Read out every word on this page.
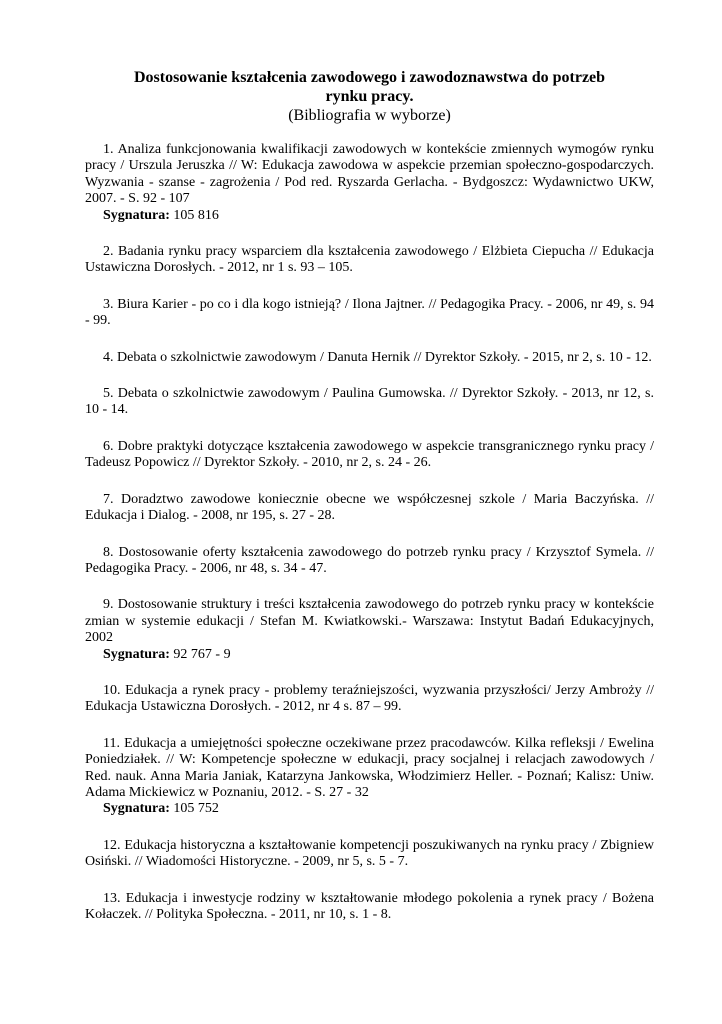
Dostosowanie kształcenia zawodowego i zawodoznawstwa do potrzeb
rynku pracy.

(Bibliografia w wyborze)

1. Analiza funkcjonowania kwalifikacji zawodowych w kontekście zmiennych wymogów rynku pracy / Urszula Jeruszka // W: Edukacja zawodowa w aspekcie przemian społeczno-gospodarczych. Wyzwania - szanse - zagrożenia / Pod red. Ryszarda Gerlacha. - Bydgoszcz: Wydawnictwo UKW, 2007. - S. 92 - 107

Sygnatura: 105 816

2. Badania rynku pracy wsparciem dla kształcenia zawodowego / Elżbieta Ciepucha // Edukacja Ustawiczna Dorosłych. - 2012, nr 1 s. 93 – 105.

3. Biura Karier - po co i dla kogo istnieją? / Ilona Jajtner. // Pedagogika Pracy. - 2006, nr 49, s. 94 - 99.

4. Debata o szkolnictwie zawodowym / Danuta Hernik // Dyrektor Szkoły. - 2015, nr 2, s. 10 - 12.

5. Debata o szkolnictwie zawodowym / Paulina Gumowska. // Dyrektor Szkoły. - 2013, nr 12, s. 10 - 14.

6. Dobre praktyki dotyczące kształcenia zawodowego w aspekcie transgranicznego rynku pracy / Tadeusz Popowicz // Dyrektor Szkoły. - 2010, nr 2, s. 24 - 26.

7. Doradztwo zawodowe koniecznie obecne we współczesnej szkole / Maria Baczyńska. // Edukacja i Dialog. - 2008, nr 195, s. 27 - 28.

8. Dostosowanie oferty kształcenia zawodowego do potrzeb rynku pracy / Krzysztof Symela. // Pedagogika Pracy. - 2006, nr 48, s. 34 - 47.

9. Dostosowanie struktury i treści kształcenia zawodowego do potrzeb rynku pracy w kontekście zmian w systemie edukacji / Stefan M. Kwiatkowski.- Warszawa: Instytut Badań Edukacyjnych, 2002

Sygnatura: 92 767 - 9

10. Edukacja a rynek pracy - problemy teraźniejszości, wyzwania przyszłości/ Jerzy Ambroży // Edukacja Ustawiczna Dorosłych. - 2012, nr 4 s. 87 – 99.

11. Edukacja a umiejętności społeczne oczekiwane przez pracodawców. Kilka refleksji / Ewelina Poniedziałek. // W: Kompetencje społeczne w edukacji, pracy socjalnej i relacjach zawodowych / Red. nauk. Anna Maria Janiak, Katarzyna Jankowska, Włodzimierz Heller. - Poznań; Kalisz: Uniw. Adama Mickiewicz w Poznaniu, 2012. - S. 27 - 32

Sygnatura: 105 752

12. Edukacja historyczna a kształtowanie kompetencji poszukiwanych na rynku pracy / Zbigniew Osiński. // Wiadomości Historyczne. - 2009, nr 5, s. 5 - 7.

13. Edukacja i inwestycje rodziny w kształtowanie młodego pokolenia a rynek pracy / Bożena Kołaczek. // Polityka Społeczna. - 2011, nr 10, s. 1 - 8.
